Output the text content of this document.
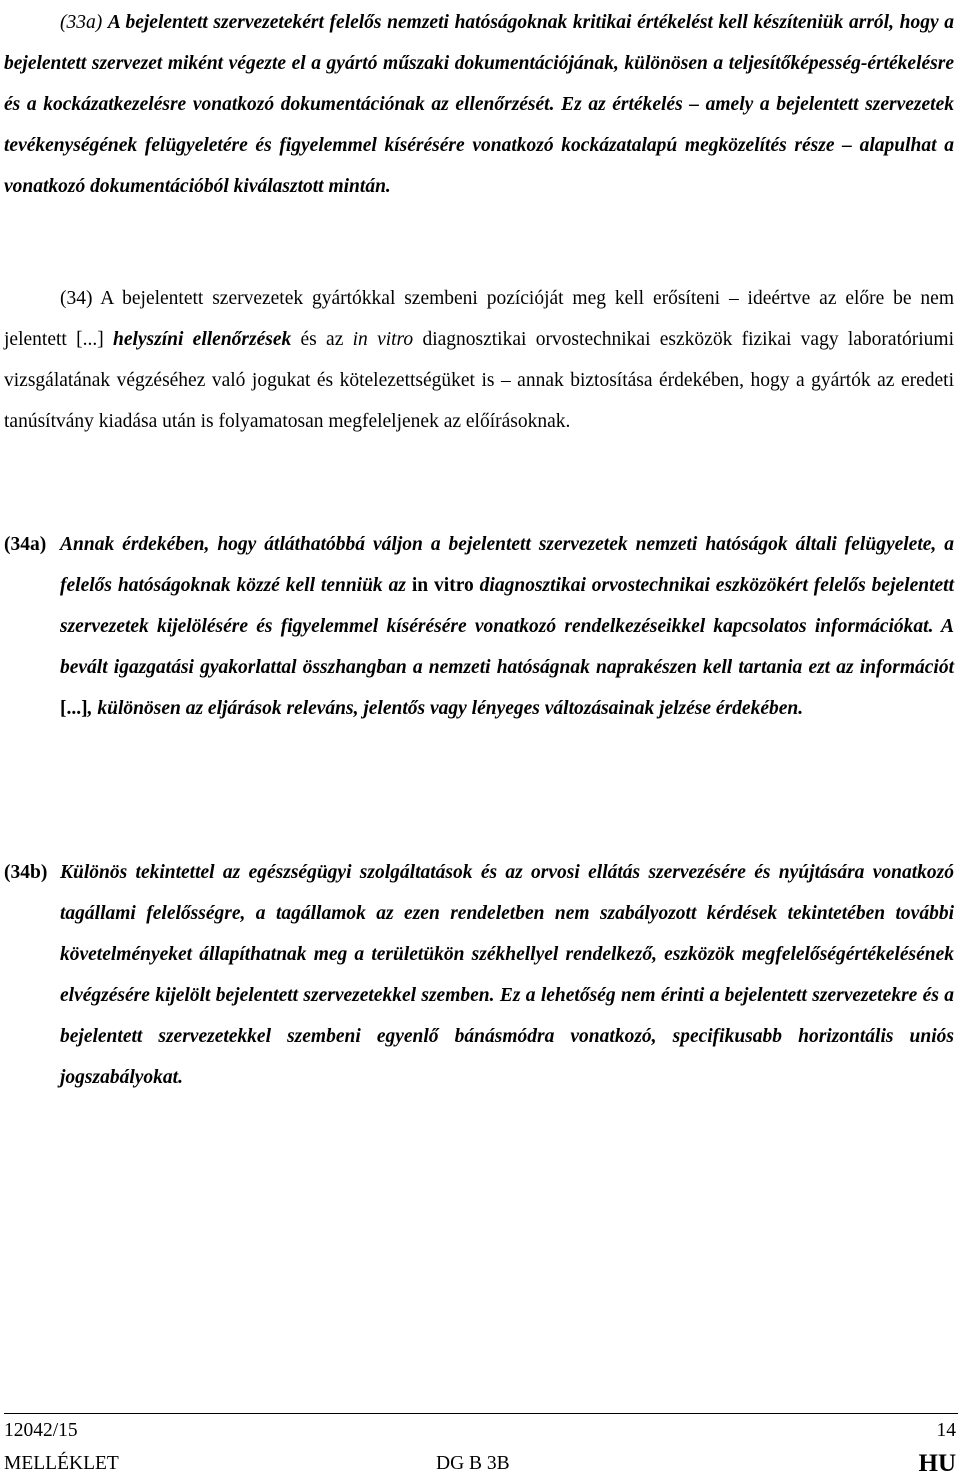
(33a) A bejelentett szervezetekért felelős nemzeti hatóságoknak kritikai értékelést kell készíteniük arról, hogy a bejelentett szervezet miként végezte el a gyártó műszaki dokumentációjának, különösen a teljesítőképesség-értékelésre és a kockázatkezelésre vonatkozó dokumentációnak az ellenőrzését. Ez az értékelés – amely a bejelentett szervezetek tevékenységének felügyeletére és figyelemmel kísérésére vonatkozó kockázatalapú megközelítés része – alapulhat a vonatkozó dokumentációból kiválasztott mintán.
(34) A bejelentett szervezetek gyártókkal szembeni pozícióját meg kell erősíteni – ideértve az előre be nem jelentett [...] helyszíni ellenőrzések és az in vitro diagnosztikai orvostechnikai eszközök fizikai vagy laboratóriumi vizsgálatának végzéséhez való jogukat és kötelezettségüket is – annak biztosítása érdekében, hogy a gyártók az eredeti tanúsítvány kiadása után is folyamatosan megfeleljenek az előírásoknak.
(34a) Annak érdekében, hogy átláthatóbbá váljon a bejelentett szervezetek nemzeti hatóságok általi felügyelete, a felelős hatóságoknak közzé kell tenniük az in vitro diagnosztikai orvostechnikai eszközökért felelős bejelentett szervezetek kijelölésére és figyelemmel kísérésére vonatkozó rendelkezéseikkel kapcsolatos információkat. A bevált igazgatási gyakorlattal összhangban a nemzeti hatóságnak naprakészen kell tartania ezt az információt [...], különösen az eljárások releváns, jelentős vagy lényeges változásainak jelzése érdekében.
(34b) Különös tekintettel az egészségügyi szolgáltatások és az orvosi ellátás szervezésére és nyújtására vonatkozó tagállami felelősségre, a tagállamok az ezen rendeletben nem szabályozott kérdések tekintetében további követelményeket állapíthatnak meg a területükön székhellyel rendelkező, eszközök megfelelőségértékelésének elvégzésére kijelölt bejelentett szervezetekkel szemben. Ez a lehetőség nem érinti a bejelentett szervezetekre és a bejelentett szervezetekkel szembeni egyenlő bánásmódra vonatkozó, specifikusabb horizontális uniós jogszabályokat.
12042/15	14
MELLÉKLET	DG B 3B	HU
